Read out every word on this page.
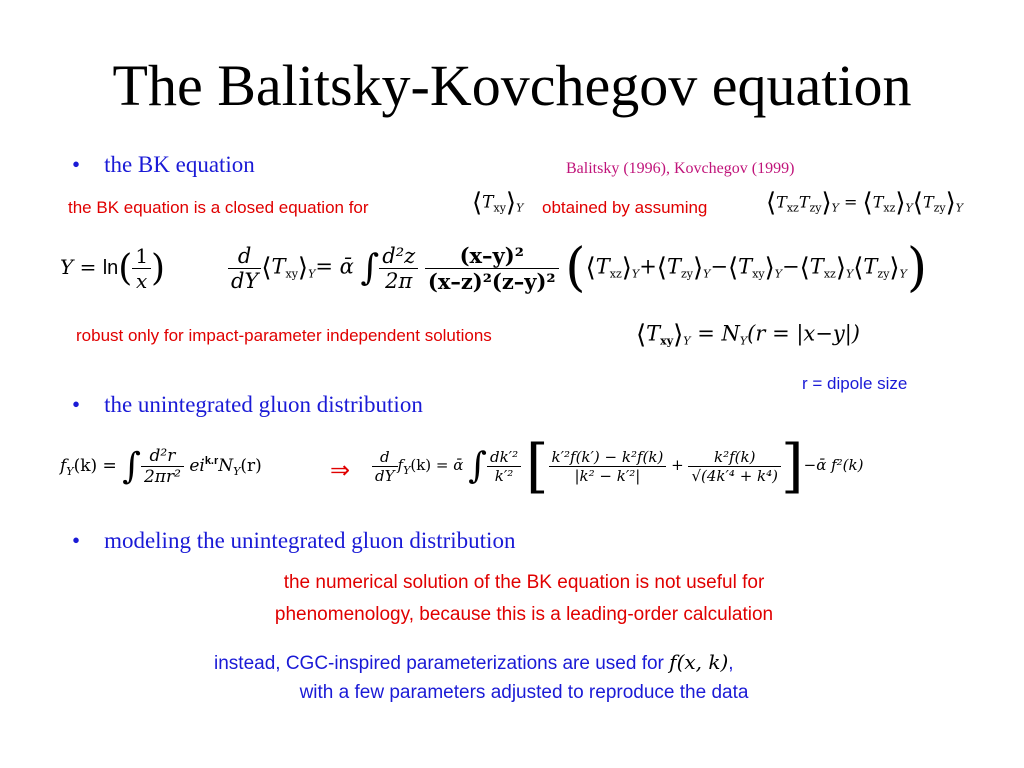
The Balitsky-Kovchegov equation
• the BK equation	Balitsky (1996), Kovchegov (1999)
the BK equation is a closed equation for	$⟨T_{xy}⟩_Y$ obtained by assuming $⟨T_{xz}T_{zy}⟩_Y$ = $⟨T_{xz}⟩_Y⟨T_{zy}⟩_Y$
$Y = \ln( \frac{1}{x}$ )	$\frac{d}{dY}$ $⟨T_{xy}⟩_Y=$ ᾱ ∫ $\frac{\text{d²z}}{2\pi}$
$\frac{\text{(x–y)²}}{\text{(x–z)²(z–y)²}}$ $(⟨T_{xz}⟩_Y+⟨T_{zy}⟩_Y-⟨T_{xy}⟩_Y-⟨T_{xz}⟩_Y⟨T_{zy}⟩_Y)$
robust only for impact-parameter independent solutions	$⟨T_{xy}⟩_Y = N_Y(r = |x-y|)$
r = dipole size
• the unintegrated gluon distribution
$f_Y(k)$ = ∫ $\frac{\text{d²r}}{\text{2πr²}} ei^{k.r}N_Y(r)$	⇒ $\frac{d}{dY} f_Y(k)$ = ᾱ ∫ $\frac{\text{dk′²}}{\text{k′²}}$ [ $\frac{\text{k′²f(k′) − k²f(k)}}{\text{|k² − k′²|}} + \frac{\text{k²f(k)}}{\text{√(4k′⁴ + k⁴)}}$ ]−ᾱ f²(k)
• modeling the unintegrated gluon distribution
the numerical solution of the BK equation is not useful for
phenomenology, because this is a leading-order calculation
instead, CGC-inspired parameterizations are used for f(x, k),
with a few parameters adjusted to reproduce the data
